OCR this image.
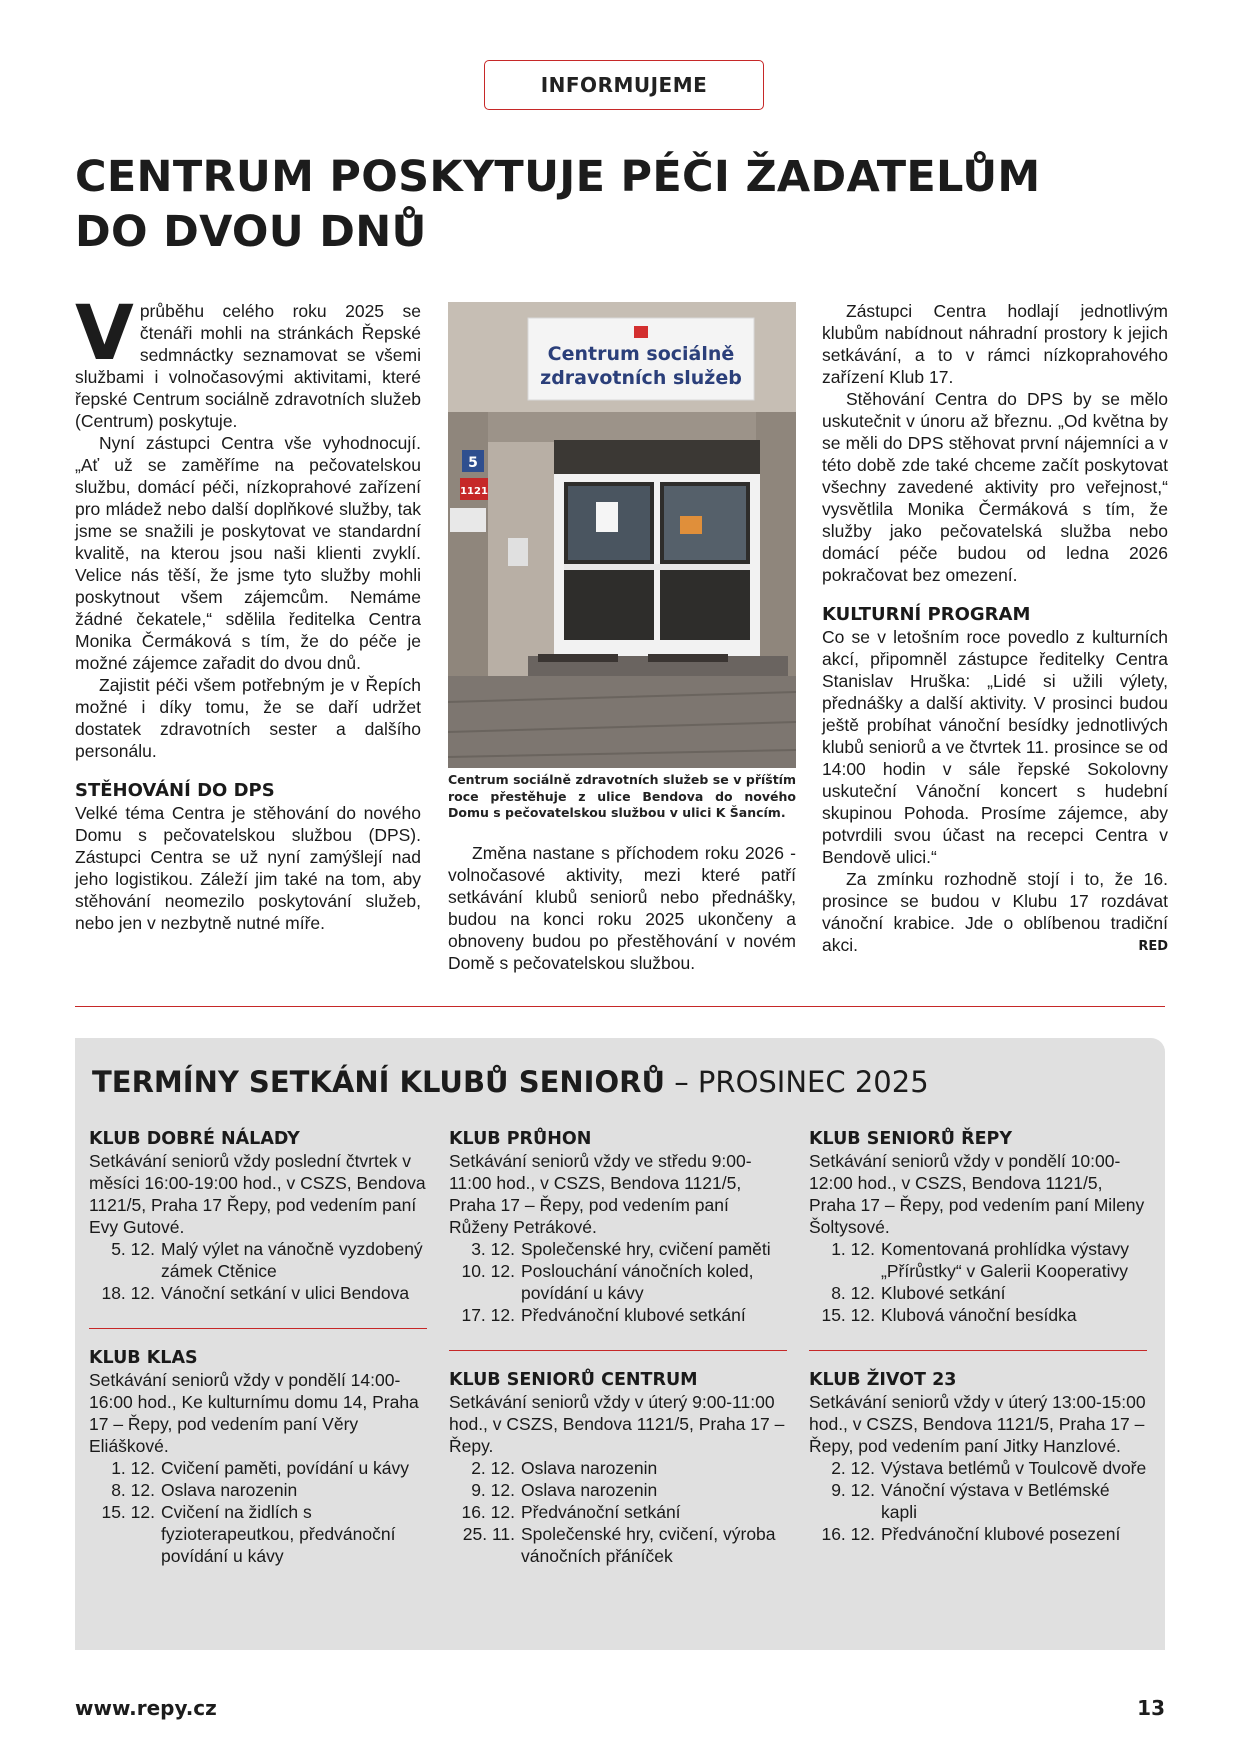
INFORMUJEME
CENTRUM POSKYTUJE PÉČI ŽADATELŮM
DO DVOU DNŮ

Vprůběhu celého roku 2025 se čtenáři mohli na stránkách Řepské sedmnáctky seznamovat se všemi službami i volnočasovými aktivitami, které řepské Centrum sociálně zdravotních služeb (Centrum) poskytuje.

Nyní zástupci Centra vše vyhodnocují. „Ať už se zaměříme na pečovatelskou službu, domácí péči, nízkoprahové zařízení pro mládež nebo další doplňkové služby, tak jsme se snažili je poskytovat ve standardní kvalitě, na kterou jsou naši klienti zvyklí. Velice nás těší, že jsme tyto služby mohli poskytnout všem zájemcům. Nemáme žádné čekatele,“ sdělila ředitelka Centra Monika Čermáková s tím, že do péče je možné zájemce zařadit do dvou dnů.

Zajistit péči všem potřebným je v Řepích možné i díky tomu, že se daří udržet dostatek zdravotních sester a dalšího personálu.

STĚHOVÁNÍ DO DPS

Velké téma Centra je stěhování do nového Domu s pečovatelskou službou (DPS). Zástupci Centra se už nyní zamýšlejí nad jeho logistikou. Záleží jim také na tom, aby stěhování neomezilo poskytování služeb, nebo jen v nezbytně nutné míře.

Centrum sociálně
zdravotních služeb
5
1121

Centrum sociálně zdravotních služeb se v příštím roce přestěhuje z ulice Bendova do nového Domu s pečovatelskou službou v ulici K Šancím.

Změna nastane s příchodem roku 2026 - volnočasové aktivity, mezi které patří setkávání klubů seniorů nebo přednášky, budou na konci roku 2025 ukončeny a obnoveny budou po přestěhování v novém Domě s pečovatelskou službou.

Zástupci Centra hodlají jednotlivým klubům nabídnout náhradní prostory k jejich setkávání, a to v rámci nízkoprahového zařízení Klub 17.

Stěhování Centra do DPS by se mělo uskutečnit v únoru až březnu. „Od května by se měli do DPS stěhovat první nájemníci a v této době zde také chceme začít poskytovat všechny zavedené aktivity pro veřejnost,“ vysvětlila Monika Čermáková s tím, že služby jako pečovatelská služba nebo domácí péče budou od ledna 2026 pokračovat bez omezení.

KULTURNÍ PROGRAM

Co se v letošním roce povedlo z kulturních akcí, připomněl zástupce ředitelky Centra Stanislav Hruška: „Lidé si užili výlety, přednášky a další aktivity. V prosinci budou ještě probíhat vánoční besídky jednotlivých klubů seniorů a ve čtvrtek 11. prosince se od 14:00 hodin v sále řepské Sokolovny uskuteční Vánoční koncert s hudební skupinou Pohoda. Prosíme zájemce, aby potvrdili svou účast na recepci Centra v Bendově ulici.“

Za zmínku rozhodně stojí i to, že 16. prosince se budou v Klubu 17 rozdávat vánoční krabice. Jde o oblíbenou tradiční akci.	RED
TERMÍNY SETKÁNÍ KLUBŮ SENIORŮ – PROSINEC 2025
KLUB DOBRÉ NÁLADY

Setkávání seniorů vždy poslední čtvrtek v měsíci 16:00-19:00 hod., v CSZS, Bendova 1121/5, Praha 17 Řepy, pod vedením paní Evy Gutové.

5. 12. Malý výlet na vánočně vyzdobený zámek Ctěnice
18. 12. Vánoční setkání v ulici Bendova
KLUB KLAS

Setkávání seniorů vždy v pondělí 14:00-16:00 hod., Ke kulturnímu domu 14, Praha 17 – Řepy, pod vedením paní Věry Eliáškové.

1. 12. Cvičení paměti, povídání u kávy
8. 12. Oslava narozenin
15. 12. Cvičení na židlích s fyzioterapeutkou, předvánoční povídání u kávy
KLUB PRŮHON

Setkávání seniorů vždy ve středu 9:00-11:00 hod., v CSZS, Bendova 1121/5, Praha 17 – Řepy, pod vedením paní Růženy Petrákové.

3. 12. Společenské hry, cvičení paměti
10. 12. Poslouchání vánočních koled, povídání u kávy
17. 12. Předvánoční klubové setkání
KLUB SENIORŮ CENTRUM

Setkávání seniorů vždy v úterý 9:00-11:00 hod., v CSZS, Bendova 1121/5, Praha 17 – Řepy.

2. 12. Oslava narozenin
9. 12. Oslava narozenin
16. 12. Předvánoční setkání
25. 11. Společenské hry, cvičení, výroba vánočních přáníček
KLUB SENIORŮ ŘEPY

Setkávání seniorů vždy v pondělí 10:00-12:00 hod., v CSZS, Bendova 1121/5, Praha 17 – Řepy, pod vedením paní Mileny Šoltysové.

1. 12. Komentovaná prohlídka výstavy „Přírůstky“ v Galerii Kooperativy
8. 12. Klubové setkání
15. 12. Klubová vánoční besídka
KLUB ŽIVOT 23

Setkávání seniorů vždy v úterý 13:00-15:00 hod., v CSZS, Bendova 1121/5, Praha 17 – Řepy, pod vedením paní Jitky Hanzlové.

2. 12. Výstava betlémů v Toulcově dvoře
9. 12. Vánoční výstava v Betlémské kapli
16. 12. Předvánoční klubové posezení
www.repy.cz	13
